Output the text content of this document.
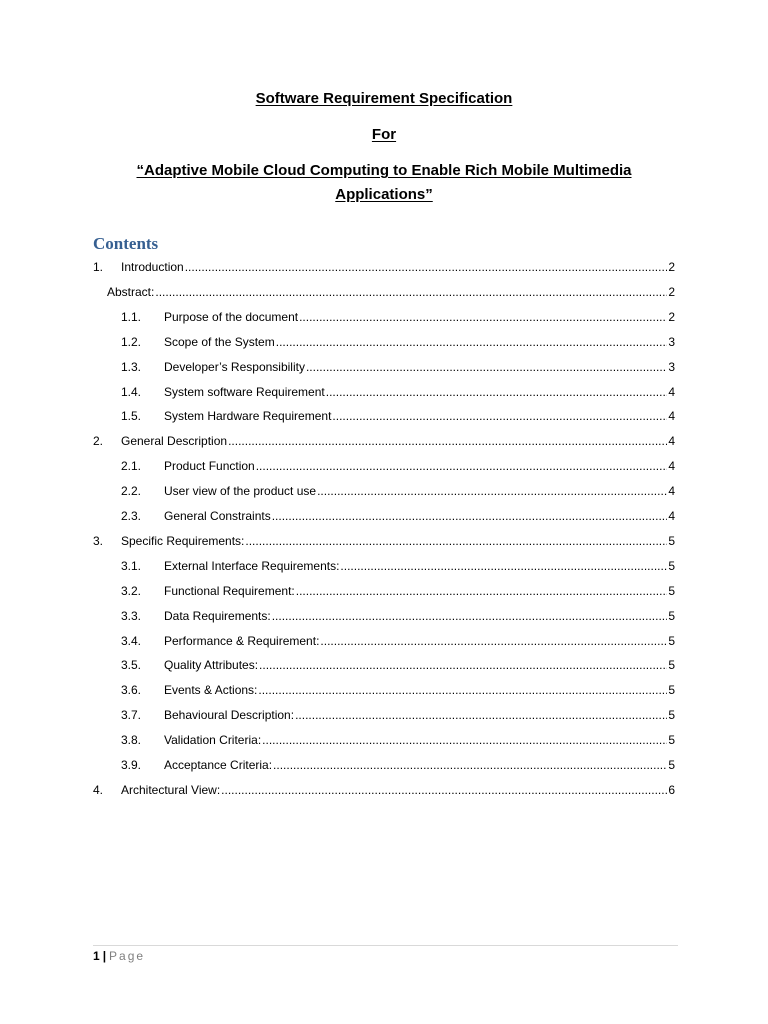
Software Requirement Specification
For
“Adaptive Mobile Cloud Computing to Enable Rich Mobile Multimedia
Applications”
Contents
1.	Introduction .....	2
Abstract: .....	2
1.1.	Purpose of the document .....	2
1.2.	Scope of the System .....	3
1.3.	Developer’s Responsibility .....	3
1.4.	System software Requirement .....	4
1.5.	System Hardware Requirement .....	4
2.	General Description .....	4
2.1.	Product Function .....	4
2.2.	User view of the product use .....	4
2.3.	General Constraints .....	4
3.	Specific Requirements: .....	5
3.1.	External Interface Requirements: .....	5
3.2.	Functional Requirement: .....	5
3.3.	Data Requirements: .....	5
3.4.	Performance & Requirement: .....	5
3.5.	Quality Attributes: .....	5
3.6.	Events & Actions: .....	5
3.7.	Behavioural Description: .....	5
3.8.	Validation Criteria: .....	5
3.9.	Acceptance Criteria: .....	5
4.	Architectural View: .....	6
1 | Page
